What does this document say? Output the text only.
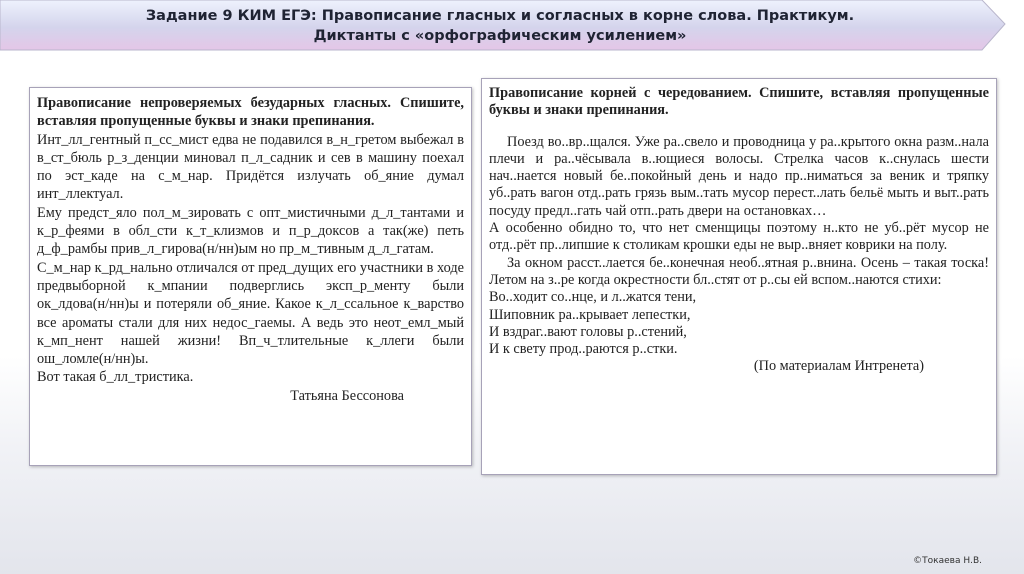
Задание 9 КИМ ЕГЭ: Правописание гласных и согласных в корне слова. Практикум.
Диктанты с «орфографическим усилением»

Правописание непроверяемых безударных гласных. Спишите, вставляя пропущенные буквы и знаки препинания.

Инт_лл_гентный п_сс_мист едва не подавился в_н_гретом выбежал в в_ст_бюль р_з_денции миновал п_л_садник и сев в машину поехал по эст_каде на с_м_нар. Придётся излучать об_яние думал инт_ллектуал.

Ему предст_яло пол_м_зировать с опт_мистичными д_л_тантами и к_р_феями в обл_сти к_т_клизмов и п_р_доксов а так(же) петь д_ф_рамбы прив_л_гирова(н/нн)ым но пр_м_тивным д_л_гатам.

С_м_нар к_рд_нально отличался от пред_дущих его участники в ходе предвыборной к_мпании подверглись эксп_р_менту были ок_лдова(н/нн)ы и потеряли об_яние. Какое к_л_ссальное к_варство все ароматы стали для них недос_гаемы. А ведь это неот_емл_мый к_мп_нент нашей жизни! Вп_ч_тлительные к_ллеги были ош_ломле(н/нн)ы.

Вот такая б_лл_тристика.

Татьяна Бессонова

Правописание корней с чередованием. Спишите, вставляя пропущенные буквы и знаки препинания.

Поезд во..вр..щался. Уже ра..свело и проводница у ра..крытого окна разм..нала плечи и ра..чёсывала в..ющиеся волосы. Стрелка часов к..снулась шести нач..нается новый бе..покойный день и надо пр..ниматься за веник и тряпку уб..рать вагон отд..рать грязь вым..тать мусор перест..лать бельё мыть и выт..рать посуду предл..гать чай отп..рать двери на остановках…

А особенно обидно то, что нет сменщицы поэтому н..кто не уб..рёт мусор не отд..рёт пр..липшие к столикам крошки еды не выр..вняет коврики на полу.

За окном расст..лается бе..конечная необ..ятная р..внина. Осень – такая тоска! Летом на з..ре когда окрестности бл..стят от р..сы ей вспом..наются стихи:

Во..ходит со..нце, и л..жатся тени,

Шиповник ра..крывает лепестки,

И вздраг..вают головы р..стений,

И к свету прод..раются р..стки.

(По материалам Интренета)

©Токаева Н.В.
